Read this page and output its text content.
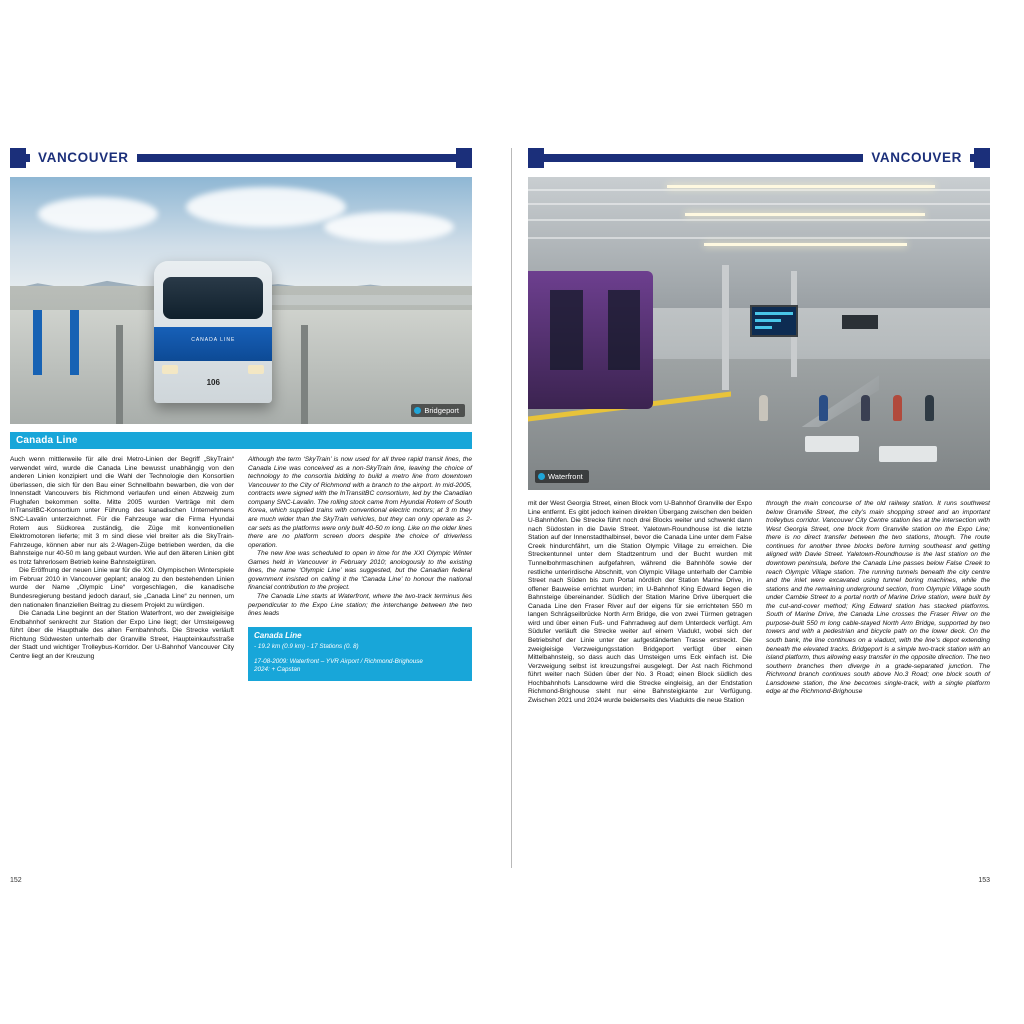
VANCOUVER
CANADA LINE
106
Bridgeport
Canada Line

Auch wenn mittlerweile für alle drei Metro-Linien der Begriff „SkyTrain“ verwendet wird, wurde die Canada Line bewusst unabhängig von den anderen Linien konzipiert und die Wahl der Technologie den Konsortien überlassen, die sich für den Bau einer Schnellbahn bewarben, die von der Innenstadt Vancouvers bis Richmond verlaufen und einen Abzweig zum Flughafen bekommen sollte. Mitte 2005 wurden Verträge mit dem InTransitBC-Konsortium unter Führung des kanadischen Unternehmens SNC-Lavalin unterzeichnet. Für die Fahrzeuge war die Firma Hyundai Rotem aus Südkorea zuständig, die Züge mit konventionellen Elektromotoren lieferte; mit 3 m sind diese viel breiter als die SkyTrain-Fahrzeuge, können aber nur als 2-Wagen-Züge betrieben werden, da die Bahnsteige nur 40-50 m lang gebaut wurden. Wie auf den älteren Linien gibt es trotz fahrerlosem Betrieb keine Bahnsteigtüren.

Die Eröffnung der neuen Linie war für die XXI. Olympischen Winterspiele im Februar 2010 in Vancouver geplant; analog zu den bestehenden Linien wurde der Name „Olympic Line“ vorgeschlagen, die kanadische Bundesregierung bestand jedoch darauf, sie „Canada Line“ zu nennen, um den nationalen finanziellen Beitrag zu diesem Projekt zu würdigen.

Die Canada Line beginnt an der Station Waterfront, wo der zweigleisige Endbahnhof senkrecht zur Station der Expo Line liegt; der Umsteigeweg führt über die Haupthalle des alten Fernbahnhofs. Die Strecke verläuft Richtung Südwesten unterhalb der Granville Street, Haupteinkaufsstraße der Stadt und wichtiger Trolleybus-Korridor. Der U-Bahnhof Vancouver City Centre liegt an der Kreuzung

Although the term ‘SkyTrain’ is now used for all three rapid transit lines, the Canada Line was conceived as a non-SkyTrain line, leaving the choice of technology to the consortia bidding to build a metro line from downtown Vancouver to the City of Richmond with a branch to the airport. In mid-2005, contracts were signed with the InTransitBC consortium, led by the Canadian company SNC-Lavalin. The rolling stock came from Hyundai Rotem of South Korea, which supplied trains with conventional electric motors; at 3 m they are much wider than the SkyTrain vehicles, but they can only operate as 2-car sets as the platforms were only built 40-50 m long. Like on the older lines there are no platform screen doors despite the choice of driverless operation.

The new line was scheduled to open in time for the XXI Olympic Winter Games held in Vancouver in February 2010; anologously to the existing lines, the name ‘Olympic Line’ was suggested, but the Canadian federal government insisted on calling it the ‘Canada Line’ to honour the national financial contribution to the project.

The Canada Line starts at Waterfront, where the two-track terminus lies perpendicular to the Expo Line station; the interchange between the two lines leads

Canada Line
- 19.2 km (0.9 km) - 17 Stations (0. 8)
17-08-2009: Waterfront – YVR Airport / Richmond-Brighouse
2024: + Capstan
152
VANCOUVER
Waterfront

mit der West Georgia Street, einen Block vom U-Bahnhof Granville der Expo Line entfernt. Es gibt jedoch keinen direkten Übergang zwischen den beiden U-Bahnhöfen. Die Strecke führt noch drei Blocks weiter und schwenkt dann nach Südosten in die Davie Street. Yaletown-Roundhouse ist die letzte Station auf der Innenstadthalbinsel, bevor die Canada Line unter dem False Creek hindurchfährt, um die Station Olympic Village zu erreichen. Die Streckentunnel unter dem Stadtzentrum und der Bucht wurden mit Tunnelbohrmaschinen aufgefahren, während die Bahnhöfe sowie der restliche unterirdische Abschnitt, von Olympic Village unterhalb der Cambie Street nach Süden bis zum Portal nördlich der Station Marine Drive, in offener Bauweise errichtet wurden; im U-Bahnhof King Edward liegen die Bahnsteige übereinander. Südlich der Station Marine Drive überquert die Canada Line den Fraser River auf der eigens für sie errichteten 550 m langen Schrägseilbrücke North Arm Bridge, die von zwei Türmen getragen wird und über einen Fuß- und Fahrradweg auf dem Unterdeck verfügt. Am Südufer verläuft die Strecke weiter auf einem Viadukt, wobei sich der Betriebshof der Linie unter der aufgeständerten Trasse erstreckt. Die zweigleisige Verzweigungsstation Bridgeport verfügt über einen Mittelbahnsteig, so dass auch das Umsteigen ums Eck einfach ist. Die Verzweigung selbst ist kreuzungsfrei ausgelegt. Der Ast nach Richmond führt weiter nach Süden über der No. 3 Road; einen Block südlich des Hochbahnhofs Lansdowne wird die Strecke eingleisig, an der Endstation Richmond-Brighouse steht nur eine Bahnsteigkante zur Verfügung. Zwischen 2021 und 2024 wurde beiderseits des Viadukts die neue Station

through the main concourse of the old railway station. It runs southwest below Granville Street, the city’s main shopping street and an important trolleybus corridor. Vancouver City Centre station lies at the intersection with West Georgia Street, one block from Granville station on the Expo Line; there is no direct transfer between the two stations, though. The route continues for another three blocks before turning southeast and getting aligned with Davie Street. Yaletown-Roundhouse is the last station on the downtown peninsula, before the Canada Line passes below False Creek to reach Olympic Village station. The running tunnels beneath the city centre and the inlet were excavated using tunnel boring machines, while the stations and the remaining underground section, from Olympic Village south under Cambie Street to a portal north of Marine Drive station, were built by the cut-and-cover method; King Edward station has stacked platforms. South of Marine Drive, the Canada Line crosses the Fraser River on the purpose-built 550 m long cable-stayed North Arm Bridge, supported by two towers and with a pedestrian and bicycle path on the lower deck. On the south bank, the line continues on a viaduct, with the line’s depot extending beneath the elevated tracks. Bridgeport is a simple two-track station with an island platform, thus allowing easy transfer in the opposite direction. The two southern branches then diverge in a grade-separated junction. The Richmond branch continues south above No.3 Road; one block south of Lansdowne station, the line becomes single-track, with a single platform edge at the Richmond-Brighouse

153
